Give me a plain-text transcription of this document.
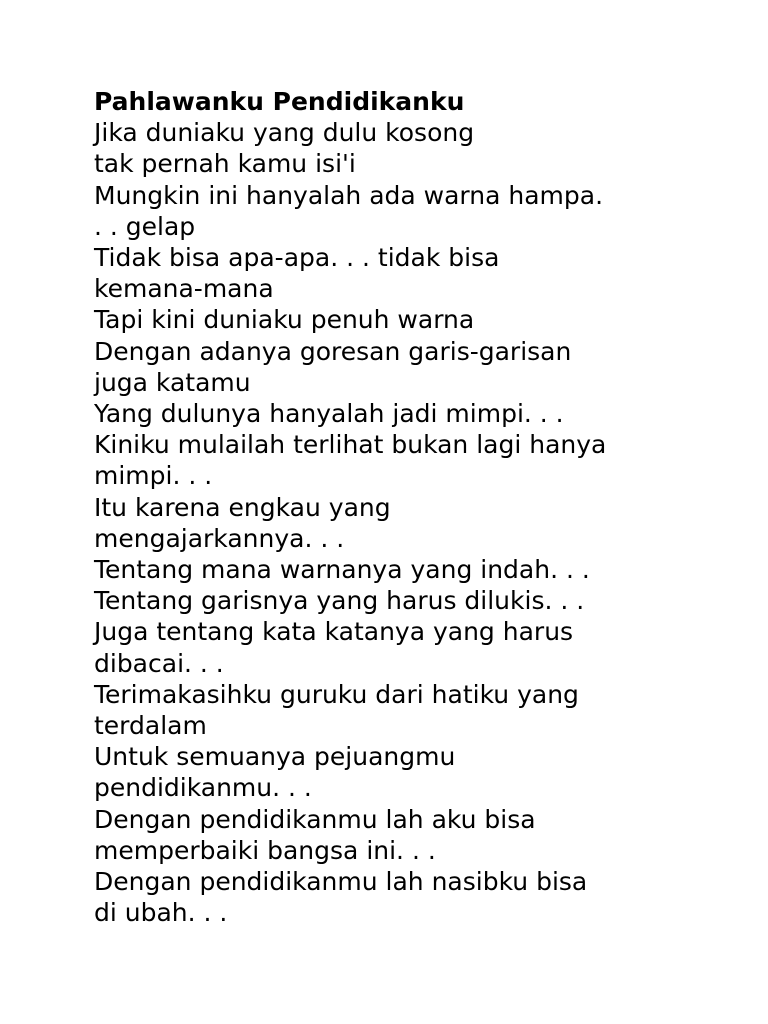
Pahlawanku Pendidikanku

Jika duniaku yang dulu kosong

tak pernah kamu isi'i

Mungkin ini hanyalah ada warna hampa.

. . gelap

Tidak bisa apa-apa. . . tidak bisa

kemana-mana

Tapi kini duniaku penuh warna

Dengan adanya goresan garis-garisan

juga katamu

Yang dulunya hanyalah jadi mimpi. . .

Kiniku mulailah terlihat bukan lagi hanya

mimpi. . .

Itu karena engkau yang

mengajarkannya. . .

Tentang mana warnanya yang indah. . .

Tentang garisnya yang harus dilukis. . .

Juga tentang kata katanya yang harus

dibacai. . .

Terimakasihku guruku dari hatiku yang

terdalam

Untuk semuanya pejuangmu

pendidikanmu. . .

Dengan pendidikanmu lah aku bisa

memperbaiki bangsa ini. . .

Dengan pendidikanmu lah nasibku bisa

di ubah. . .
